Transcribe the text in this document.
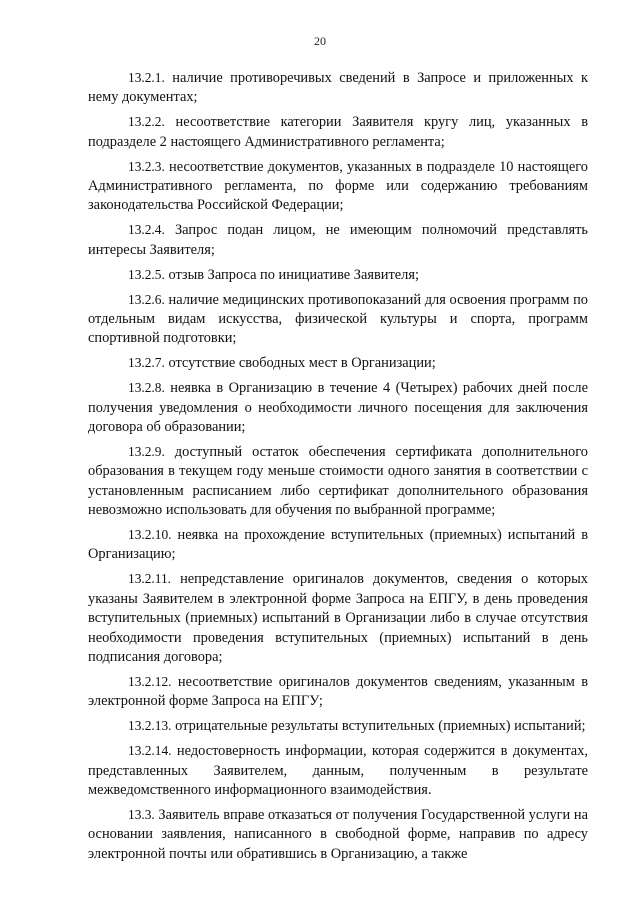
20

13.2.1. наличие противоречивых сведений в Запросе и приложенных к нему документах;

13.2.2. несоответствие категории Заявителя кругу лиц, указанных в подразделе 2 настоящего Административного регламента;

13.2.3. несоответствие документов, указанных в подразделе 10 настоящего Административного регламента, по форме или содержанию требованиям законодательства Российской Федерации;

13.2.4. Запрос подан лицом, не имеющим полномочий представлять интересы Заявителя;

13.2.5. отзыв Запроса по инициативе Заявителя;

13.2.6. наличие медицинских противопоказаний для освоения программ по отдельным видам искусства, физической культуры и спорта, программ спортивной подготовки;

13.2.7. отсутствие свободных мест в Организации;

13.2.8. неявка в Организацию в течение 4 (Четырех) рабочих дней после получения уведомления о необходимости личного посещения для заключения договора об образовании;

13.2.9. доступный остаток обеспечения сертификата дополнительного образования в текущем году меньше стоимости одного занятия в соответствии с установленным расписанием либо сертификат дополнительного образования невозможно использовать для обучения по выбранной программе;

13.2.10. неявка на прохождение вступительных (приемных) испытаний в Организацию;

13.2.11. непредставление оригиналов документов, сведения о которых указаны Заявителем в электронной форме Запроса на ЕПГУ, в день проведения вступительных (приемных) испытаний в Организации либо в случае отсутствия необходимости проведения вступительных (приемных) испытаний в день подписания договора;

13.2.12. несоответствие оригиналов документов сведениям, указанным в электронной форме Запроса на ЕПГУ;

13.2.13. отрицательные результаты вступительных (приемных) испытаний;

13.2.14. недостоверность информации, которая содержится в документах, представленных Заявителем, данным, полученным в результате межведомственного информационного взаимодействия.

13.3. Заявитель вправе отказаться от получения Государственной услуги на основании заявления, написанного в свободной форме, направив по адресу электронной почты или обратившись в Организацию, а также
